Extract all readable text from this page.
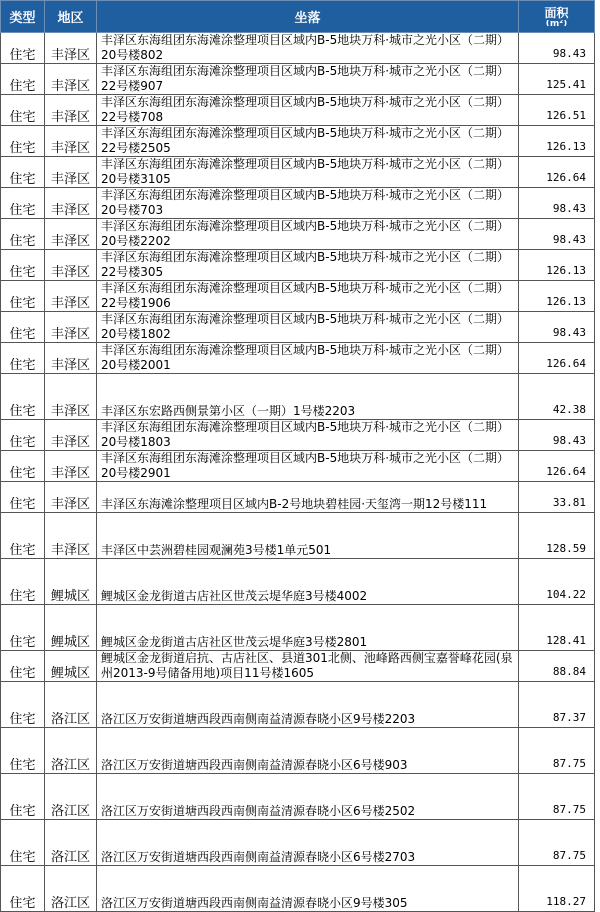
类型	地区	坐落	面积
(m²)

住宅	丰泽区	丰泽区东海组团东海滩涂整理项目区域内B-5地块万科·城市之光小区（二期）20号楼802	98.43
住宅	丰泽区	丰泽区东海组团东海滩涂整理项目区域内B-5地块万科·城市之光小区（二期）22号楼907	125.41
住宅	丰泽区	丰泽区东海组团东海滩涂整理项目区域内B-5地块万科·城市之光小区（二期）22号楼708	126.51
住宅	丰泽区	丰泽区东海组团东海滩涂整理项目区域内B-5地块万科·城市之光小区（二期）22号楼2505	126.13
住宅	丰泽区	丰泽区东海组团东海滩涂整理项目区域内B-5地块万科·城市之光小区（二期）20号楼3105	126.64
住宅	丰泽区	丰泽区东海组团东海滩涂整理项目区域内B-5地块万科·城市之光小区（二期）20号楼703	98.43
住宅	丰泽区	丰泽区东海组团东海滩涂整理项目区域内B-5地块万科·城市之光小区（二期）20号楼2202	98.43
住宅	丰泽区	丰泽区东海组团东海滩涂整理项目区域内B-5地块万科·城市之光小区（二期）22号楼305	126.13
住宅	丰泽区	丰泽区东海组团东海滩涂整理项目区域内B-5地块万科·城市之光小区（二期）22号楼1906	126.13
住宅	丰泽区	丰泽区东海组团东海滩涂整理项目区域内B-5地块万科·城市之光小区（二期）20号楼1802	98.43
住宅	丰泽区	丰泽区东海组团东海滩涂整理项目区域内B-5地块万科·城市之光小区（二期）20号楼2001	126.64
住宅	丰泽区	丰泽区东宏路西侧景第小区（一期）1号楼2203	42.38
住宅	丰泽区	丰泽区东海组团东海滩涂整理项目区域内B-5地块万科·城市之光小区（二期）20号楼1803	98.43
住宅	丰泽区	丰泽区东海组团东海滩涂整理项目区域内B-5地块万科·城市之光小区（二期）20号楼2901	126.64
住宅	丰泽区	丰泽区东海滩涂整理项目区域内B-2号地块碧桂园·天玺湾一期12号楼111	33.81
住宅	丰泽区	丰泽区中芸洲碧桂园观澜苑3号楼1单元501	128.59
住宅	鲤城区	鲤城区金龙街道古店社区世茂云堤华庭3号楼4002	104.22
住宅	鲤城区	鲤城区金龙街道古店社区世茂云堤华庭3号楼2801	128.41
住宅	鲤城区	鲤城区金龙街道启抗、古店社区、县道301北侧、池峰路西侧宝嘉誉峰花园(泉州2013-9号储备用地)项目11号楼1605	88.84
住宅	洛江区	洛江区万安街道塘西段西南侧南益清源春晓小区9号楼2203	87.37
住宅	洛江区	洛江区万安街道塘西段西南侧南益清源春晓小区6号楼903	87.75
住宅	洛江区	洛江区万安街道塘西段西南侧南益清源春晓小区6号楼2502	87.75
住宅	洛江区	洛江区万安街道塘西段西南侧南益清源春晓小区6号楼2703	87.75
住宅	洛江区	洛江区万安街道塘西段西南侧南益清源春晓小区9号楼305	118.27
